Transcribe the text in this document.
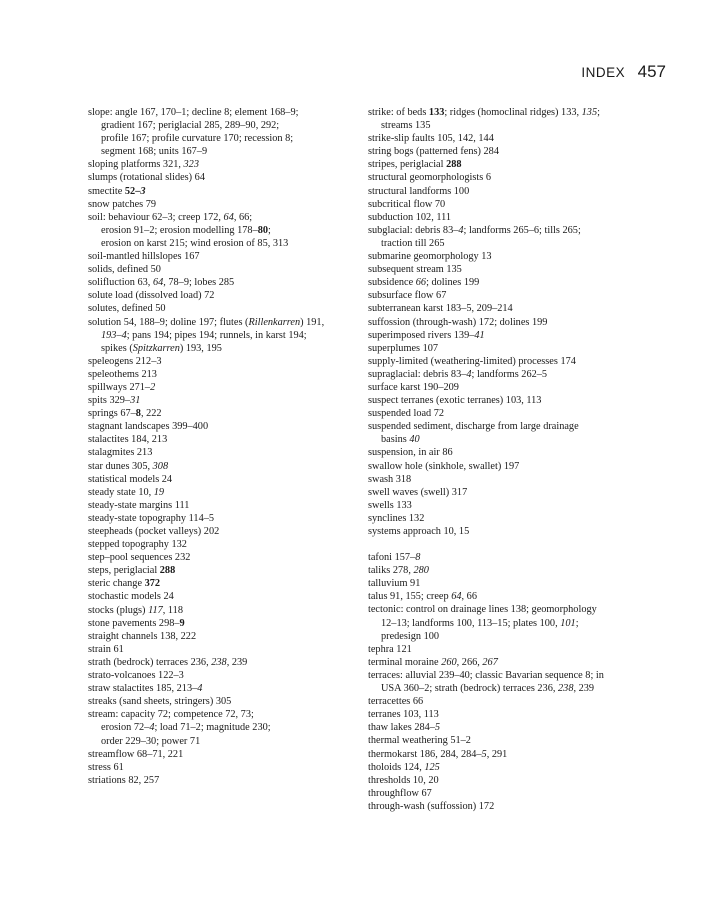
INDEX 457
slope: angle 167, 170–1; decline 8; element 168–9;
gradient 167; periglacial 285, 289–90, 292;
profile 167; profile curvature 170; recession 8;
segment 168; units 167–9
sloping platforms 321, 323
slumps (rotational slides) 64
smectite 52–3
snow patches 79
soil: behaviour 62–3; creep 172, 64, 66;
erosion 91–2; erosion modelling 178–80;
erosion on karst 215; wind erosion of 85, 313
soil-mantled hillslopes 167
solids, defined 50
solifluction 63, 64, 78–9; lobes 285
solute load (dissolved load) 72
solutes, defined 50
solution 54, 188–9; doline 197; flutes (Rillenkarren) 191,
193–4; pans 194; pipes 194; runnels, in karst 194;
spikes (Spitzkarren) 193, 195
speleogens 212–3
speleothems 213
spillways 271–2
spits 329–31
springs 67–8, 222
stagnant landscapes 399–400
stalactites 184, 213
stalagmites 213
star dunes 305, 308
statistical models 24
steady state 10, 19
steady-state margins 111
steady-state topography 114–5
steepheads (pocket valleys) 202
stepped topography 132
step–pool sequences 232
steps, periglacial 288
steric change 372
stochastic models 24
stocks (plugs) 117, 118
stone pavements 298–9
straight channels 138, 222
strain 61
strath (bedrock) terraces 236, 238, 239
strato-volcanoes 122–3
straw stalactites 185, 213–4
streaks (sand sheets, stringers) 305
stream: capacity 72; competence 72, 73;
erosion 72–4; load 71–2; magnitude 230;
order 229–30; power 71
streamflow 68–71, 221
stress 61
striations 82, 257
strike: of beds 133; ridges (homoclinal ridges) 133, 135;
streams 135
strike-slip faults 105, 142, 144
string bogs (patterned fens) 284
stripes, periglacial 288
structural geomorphologists 6
structural landforms 100
subcritical flow 70
subduction 102, 111
subglacial: debris 83–4; landforms 265–6; tills 265;
traction till 265
submarine geomorphology 13
subsequent stream 135
subsidence 66; dolines 199
subsurface flow 67
subterranean karst 183–5, 209–214
suffossion (through-wash) 172; dolines 199
superimposed rivers 139–41
superplumes 107
supply-limited (weathering-limited) processes 174
supraglacial: debris 83–4; landforms 262–5
surface karst 190–209
suspect terranes (exotic terranes) 103, 113
suspended load 72
suspended sediment, discharge from large drainage
basins 40
suspension, in air 86
swallow hole (sinkhole, swallet) 197
swash 318
swell waves (swell) 317
swells 133
synclines 132
systems approach 10, 15
tafoni 157–8
taliks 278, 280
talluvium 91
talus 91, 155; creep 64, 66
tectonic: control on drainage lines 138; geomorphology
12–13; landforms 100, 113–15; plates 100, 101;
predesign 100
tephra 121
terminal moraine 260, 266, 267
terraces: alluvial 239–40; classic Bavarian sequence 8; in
USA 360–2; strath (bedrock) terraces 236, 238, 239
terracettes 66
terranes 103, 113
thaw lakes 284–5
thermal weathering 51–2
thermokarst 186, 284, 284–5, 291
tholoids 124, 125
thresholds 10, 20
throughflow 67
through-wash (suffossion) 172
